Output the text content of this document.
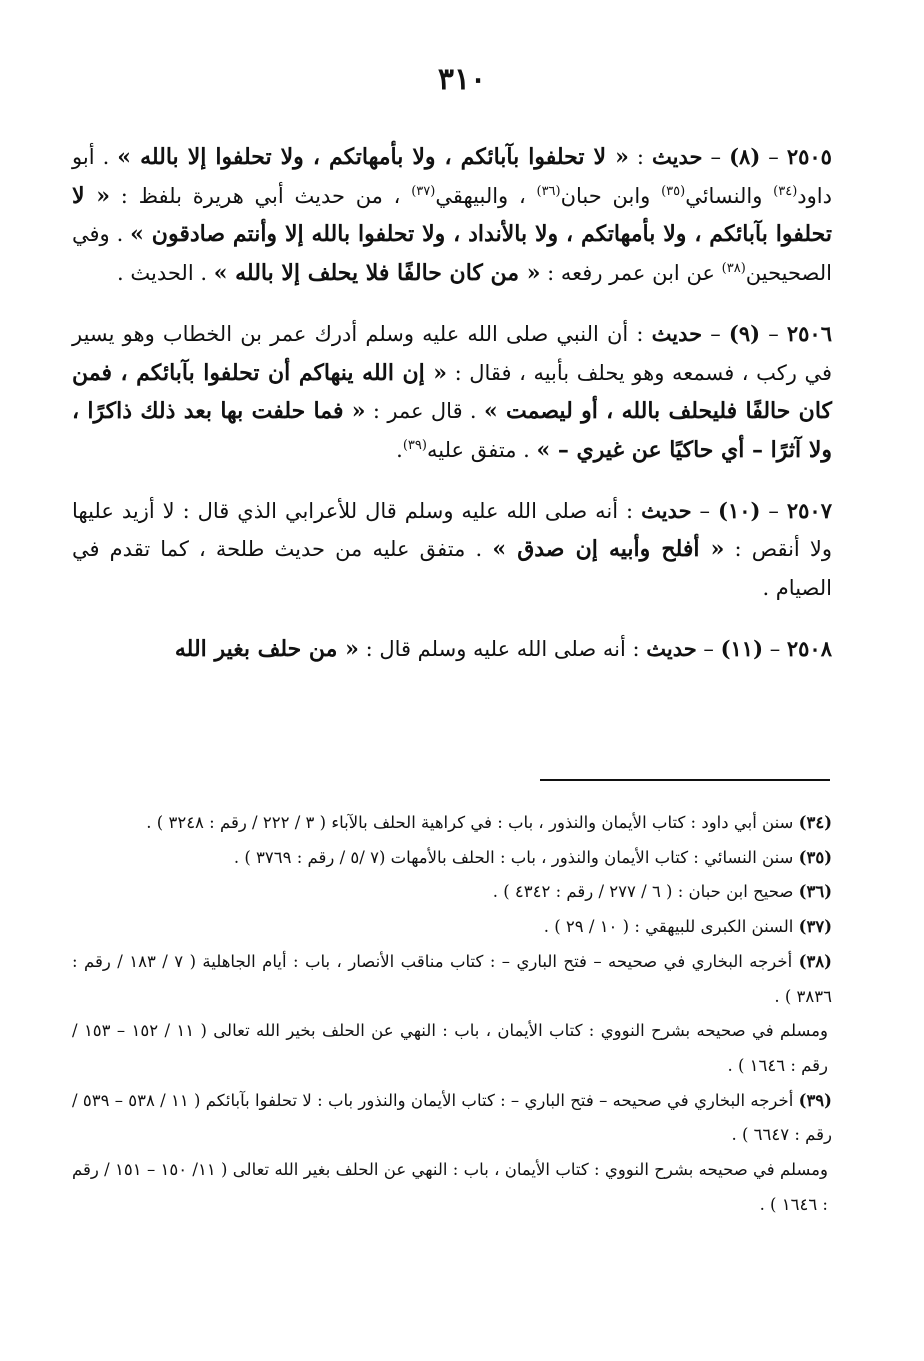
٣١٠

٢٥٠٥ – (٨) – حديث : « لا تحلفوا بآبائكم ، ولا بأمهاتكم ، ولا تحلفوا إلا بالله » . أبو داود$^{(٣٤)}$ والنسائي$^{(٣٥)}$ وابن حبان$^{(٣٦)}$ ، والبيهقي$^{(٣٧)}$ ، من حديث أبي هريرة بلفظ : « لا تحلفوا بآبائكم ، ولا بأمهاتكم ، ولا بالأنداد ، ولا تحلفوا بالله إلا وأنتم صادقون » . وفي الصحيحين$^{(٣٨)}$ عن ابن عمر رفعه : « من كان حالفًا فلا يحلف إلا بالله » . الحديث .

٢٥٠٦ – (٩) – حديث : أن النبي صلى الله عليه وسلم أدرك عمر بن الخطاب وهو يسير في ركب ، فسمعه وهو يحلف بأبيه ، فقال : « إن الله ينهاكم أن تحلفوا بآبائكم ، فمن كان حالفًا فليحلف بالله ، أو ليصمت » . قال عمر : « فما حلفت بها بعد ذلك ذاكرًا ، ولا آثرًا – أي حاكيًا عن غيري – » . متفق عليه$^{(٣٩)}$.

٢٥٠٧ – (١٠) – حديث : أنه صلى الله عليه وسلم قال للأعرابي الذي قال : لا أزيد عليها ولا أنقص : « أفلح وأبيه إن صدق » . متفق عليه من حديث طلحة ، كما تقدم في الصيام .

٢٥٠٨ – (١١) – حديث : أنه صلى الله عليه وسلم قال : « من حلف بغير الله

(٣٤) سنن أبي داود : كتاب الأيمان والنذور ، باب : في كراهية الحلف بالآباء ( ٣ / ٢٢٢ / رقم : ٣٢٤٨ ) .

(٣٥) سنن النسائي : كتاب الأيمان والنذور ، باب : الحلف بالأمهات (٧ /٥ / رقم : ٣٧٦٩ ) .

(٣٦) صحيح ابن حبان : ( ٦ / ٢٧٧ / رقم : ٤٣٤٢ ) .

(٣٧) السنن الكبرى للبيهقي : ( ١٠ / ٢٩ ) .

(٣٨) أخرجه البخاري في صحيحه – فتح الباري – : كتاب مناقب الأنصار ، باب : أيام الجاهلية ( ٧ / ١٨٣ / رقم : ٣٨٣٦ ) .

ومسلم في صحيحه بشرح النووي : كتاب الأيمان ، باب : النهي عن الحلف بخير الله تعالى ( ١١ / ١٥٢ – ١٥٣ / رقم : ١٦٤٦ ) .

(٣٩) أخرجه البخاري في صحيحه – فتح الباري – : كتاب الأيمان والنذور باب : لا تحلفوا بآبائكم ( ١١ / ٥٣٨ – ٥٣٩ / رقم : ٦٦٤٧ ) .

ومسلم في صحيحه بشرح النووي : كتاب الأيمان ، باب : النهي عن الحلف بغير الله تعالى ( ١١/ ١٥٠ – ١٥١ / رقم : ١٦٤٦ ) .
